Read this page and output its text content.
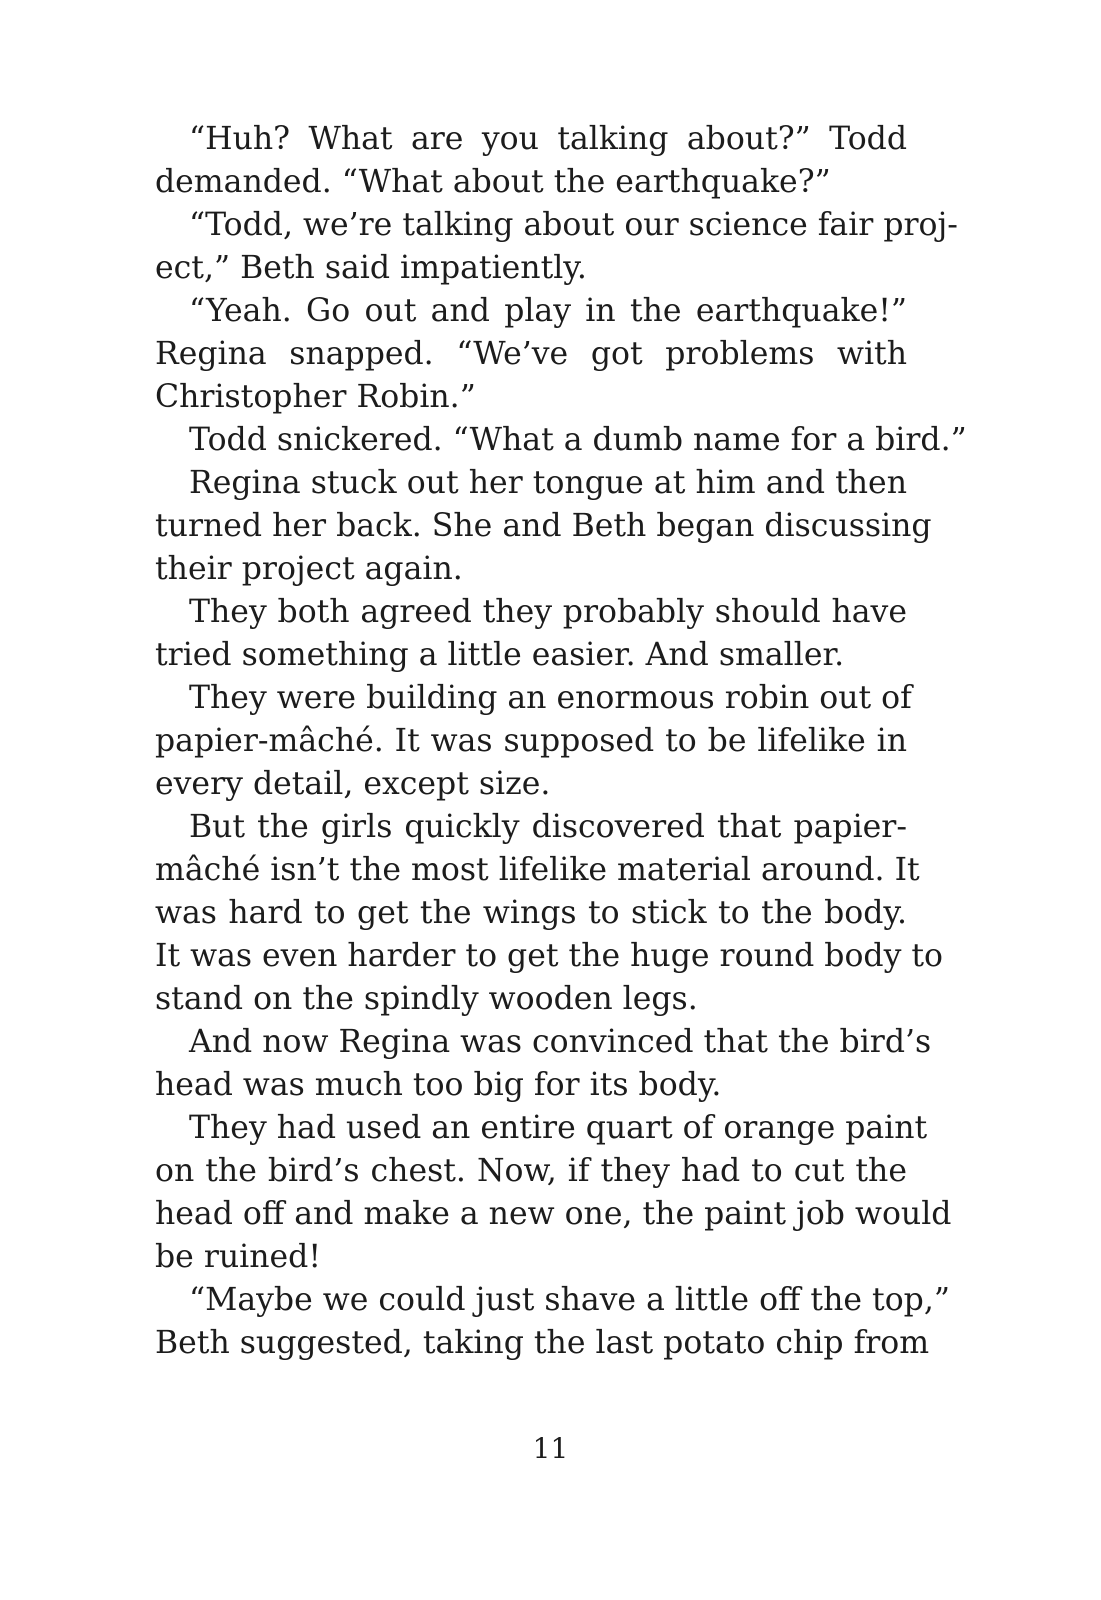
“Huh? What are you talking about?” Todd
demanded. “What about the earthquake?”
“Todd, we’re talking about our science fair proj-
ect,” Beth said impatiently.
“Yeah. Go out and play in the earthquake!”
Regina snapped. “We’ve got problems with
Christopher Robin.”
Todd snickered. “What a dumb name for a bird.”
Regina stuck out her tongue at him and then
turned her back. She and Beth began discussing
their project again.
They both agreed they probably should have
tried something a little easier. And smaller.
They were building an enormous robin out of
papier-mâché. It was supposed to be lifelike in
every detail, except size.
But the girls quickly discovered that papier-
mâché isn’t the most lifelike material around. It
was hard to get the wings to stick to the body.
It was even harder to get the huge round body to
stand on the spindly wooden legs.
And now Regina was convinced that the bird’s
head was much too big for its body.
They had used an entire quart of orange paint
on the bird’s chest. Now, if they had to cut the
head off and make a new one, the paint job would
be ruined!
“Maybe we could just shave a little off the top,”
Beth suggested, taking the last potato chip from
11
